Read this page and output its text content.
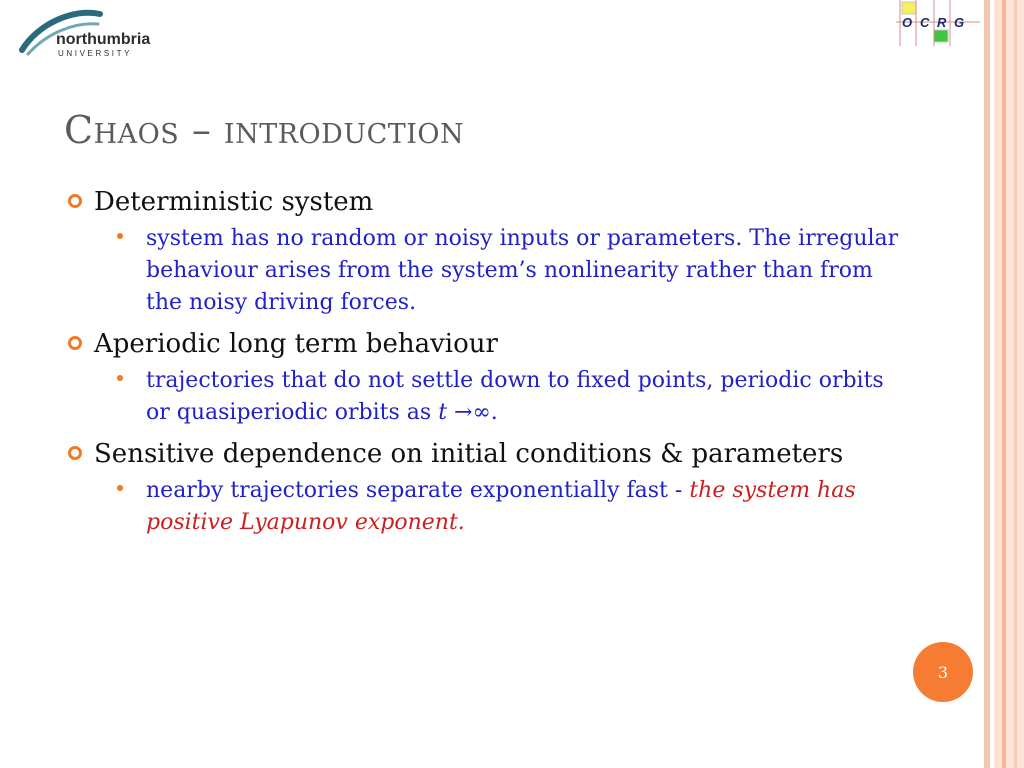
northumbria
UNIVERSITY
O C R G
Chaos – introduction
Deterministic system
system has no random or noisy inputs or parameters. The irregular behaviour arises from the system’s nonlinearity rather than from the noisy driving forces.
Aperiodic long term behaviour
trajectories that do not settle down to fixed points, periodic orbits or quasiperiodic orbits as t →∞.
Sensitive dependence on initial conditions & parameters
nearby trajectories separate exponentially fast - the system has positive Lyapunov exponent.
3
